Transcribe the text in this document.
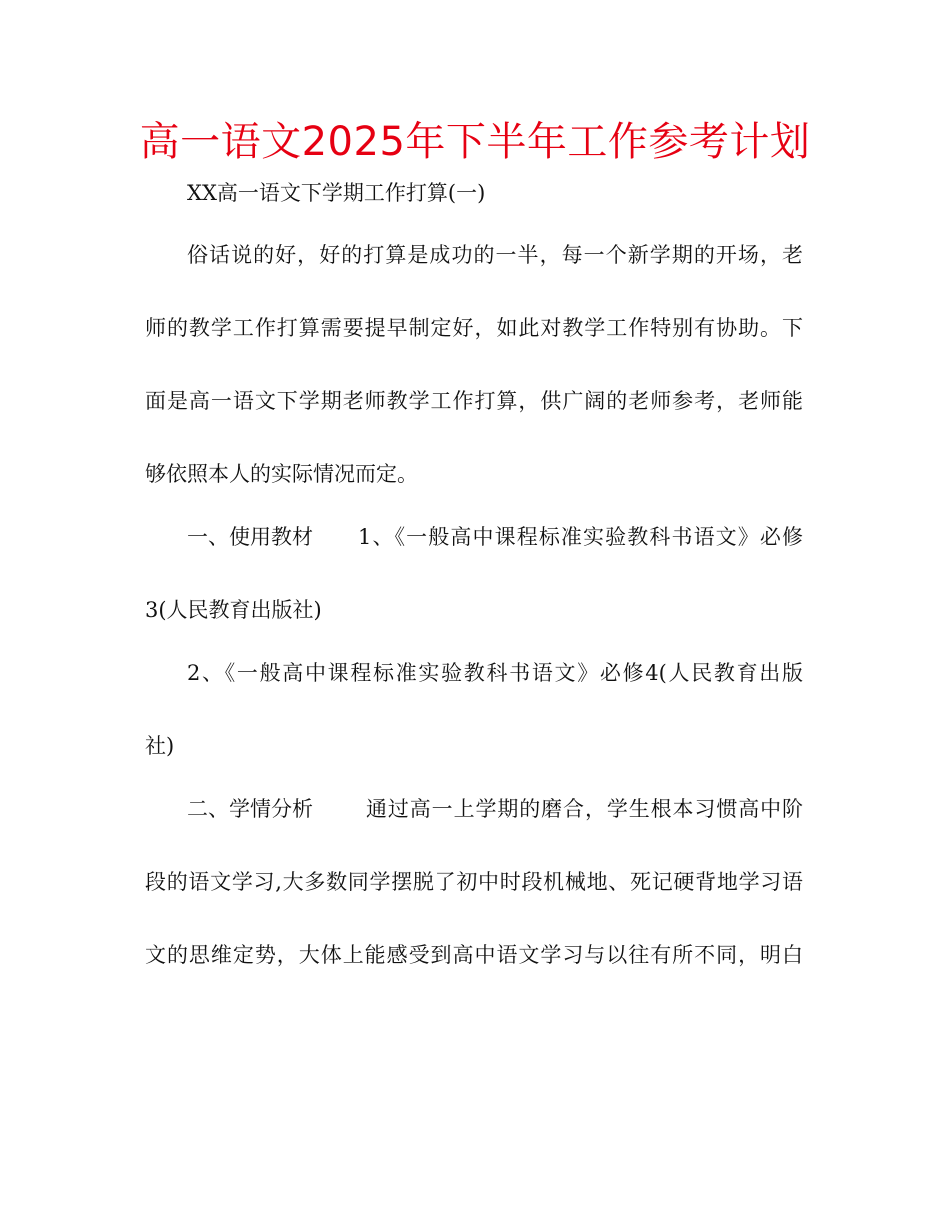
高一语文2025年下半年工作参考计划
XX高一语文下学期工作打算(一)
俗话说的好，好的打算是成功的一半，每一个新学期的开场，老
师的教学工作打算需要提早制定好，如此对教学工作特别有协助。下
面是高一语文下学期老师教学工作打算，供广阔的老师参考，老师能
够依照本人的实际情况而定。
一、使用教材 1、《一般高中课程标准实验教科书语文》必修
3(人民教育出版社)
2、《一般高中课程标准实验教科书语文》必修4(人民教育出版
社)
二、学情分析	通过高一上学期的磨合，学生根本习惯高中阶
段的语文学习,大多数同学摆脱了初中时段机械地、死记硬背地学习语
文的思维定势，大体上能感受到高中语文学习与以往有所不同，明白
